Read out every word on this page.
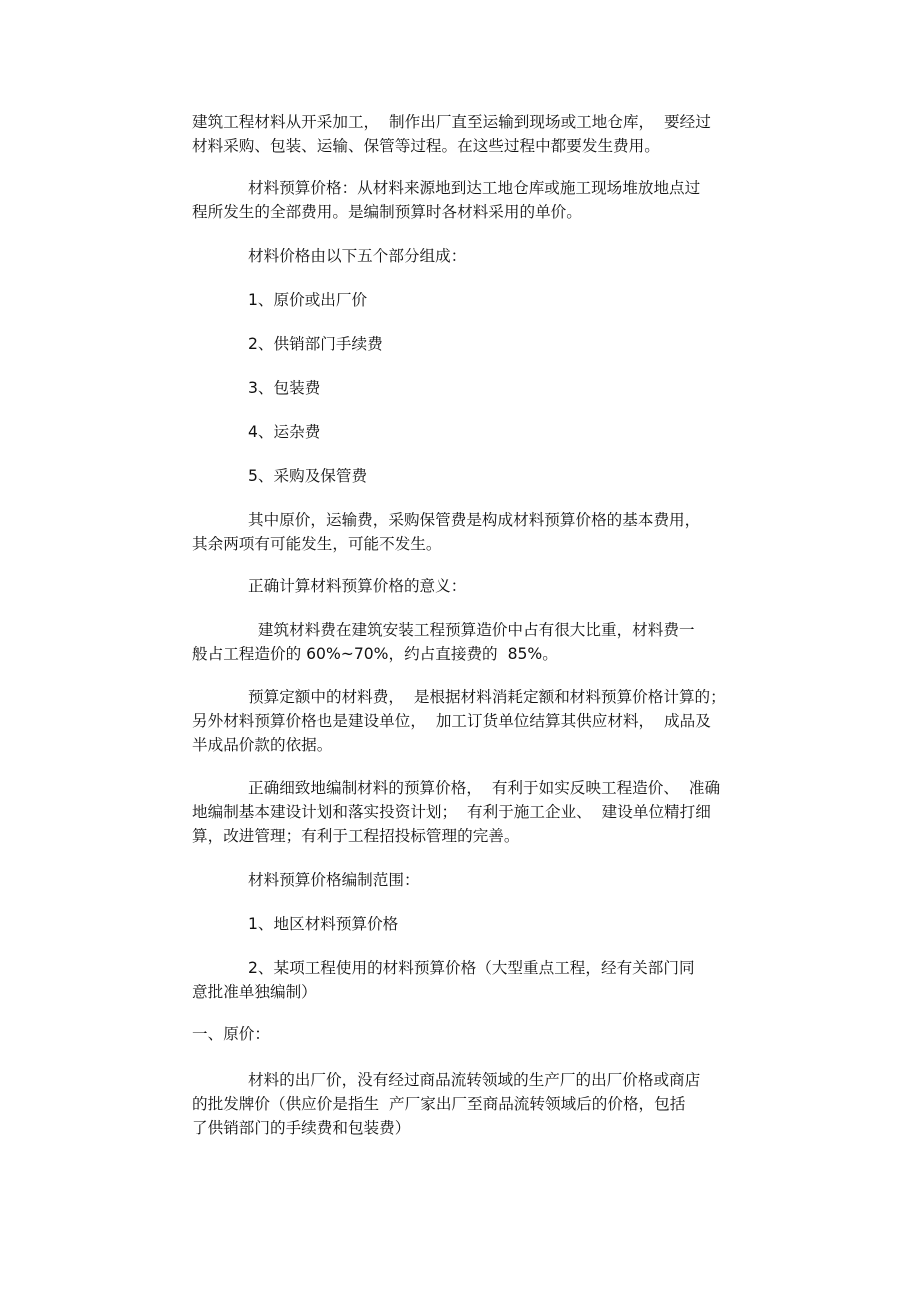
建筑工程材料从开采加工，  制作出厂直至运输到现场或工地仓库，  要经过
材料采购、包装、运输、保管等过程。在这些过程中都要发生费用。
材料预算价格：从材料来源地到达工地仓库或施工现场堆放地点过
程所发生的全部费用。是编制预算时各材料采用的单价。
材料价格由以下五个部分组成：
1、原价或出厂价
2、供销部门手续费
3、包装费
4、运杂费
5、采购及保管费
其中原价，运输费，采购保管费是构成材料预算价格的基本费用，
其余两项有可能发生，可能不发生。
正确计算材料预算价格的意义：
建筑材料费在建筑安装工程预算造价中占有很大比重，材料费一
般占工程造价的 60%~70%，约占直接费的  85%。
预算定额中的材料费，  是根据材料消耗定额和材料预算价格计算的；
另外材料预算价格也是建设单位，  加工订货单位结算其供应材料，  成品及
半成品价款的依据。
正确细致地编制材料的预算价格，  有利于如实反映工程造价、  准确
地编制基本建设计划和落实投资计划；  有利于施工企业、  建设单位精打细
算，改进管理；有利于工程招投标管理的完善。
材料预算价格编制范围：
1、地区材料预算价格
2、某项工程使用的材料预算价格（大型重点工程，经有关部门同
意批准单独编制）
一、原价：
材料的出厂价，没有经过商品流转领域的生产厂的出厂价格或商店
的批发牌价（供应价是指生  产厂家出厂至商品流转领域后的价格，包括
了供销部门的手续费和包装费）
